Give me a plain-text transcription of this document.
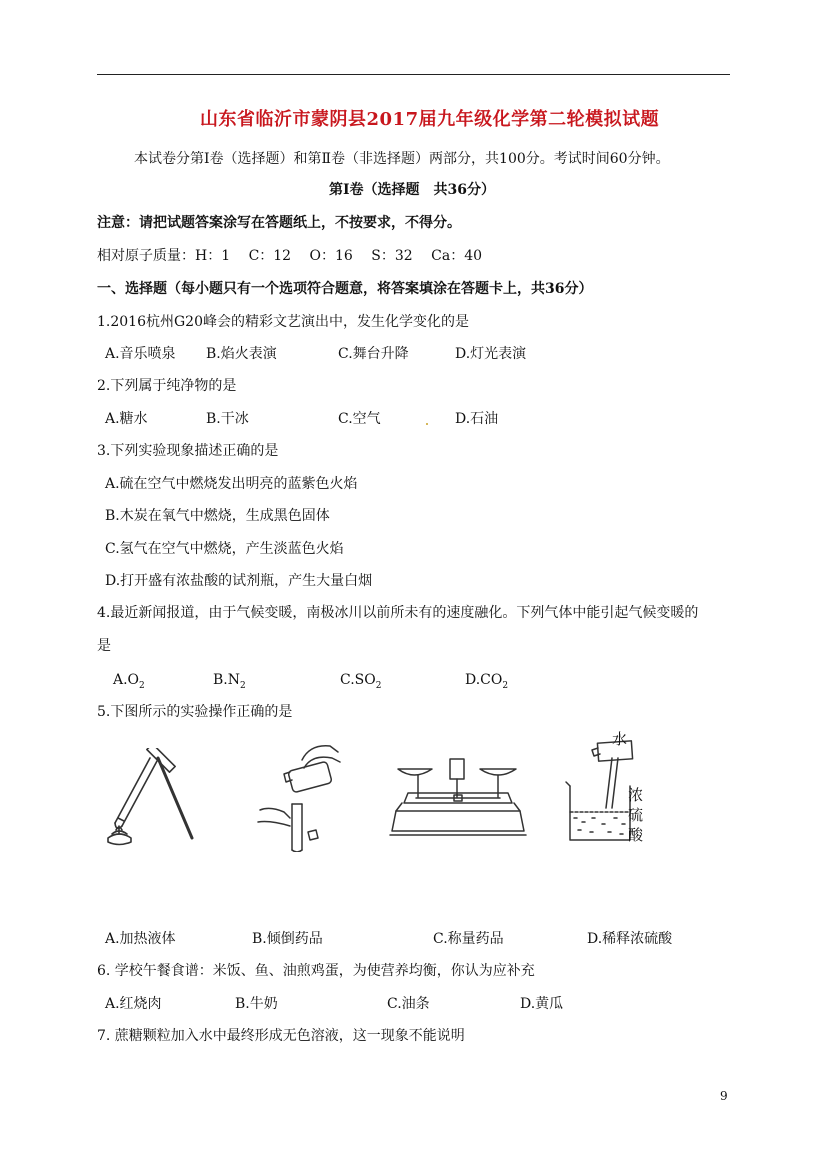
山东省临沂市蒙阴县2017届九年级化学第二轮模拟试题
本试卷分第Ⅰ卷（选择题）和第Ⅱ卷（非选择题）两部分，共100分。考试时间60分钟。
第Ⅰ卷（选择题　共36分）
注意：请把试题答案涂写在答题纸上，不按要求，不得分。
相对原子质量：H：1　 C：12　 O：16　 S：32　 Ca：40
一、选择题（每小题只有一个选项符合题意，将答案填涂在答题卡上，共36分）
1.2016杭州G20峰会的精彩文艺演出中，发生化学变化的是
A.音乐喷泉 B.焰火表演	C.舞台升降	D.灯光表演
2.下列属于纯净物的是
A.糖水	B.干冰	C.空气	D.石油
3.下列实验现象描述正确的是
A.硫在空气中燃烧发出明亮的蓝紫色火焰
B.木炭在氧气中燃烧，生成黑色固体
C.氢气在空气中燃烧，产生淡蓝色火焰
D.打开盛有浓盐酸的试剂瓶，产生大量白烟
4.最近新闻报道，由于气候变暖，南极冰川以前所未有的速度融化。下列气体中能引起气候变暖的
是
$A.O_2$	$B.N_2$	$C.SO_2$	$D.CO_2$
5.下图所示的实验操作正确的是
水
浓
硫
酸
A.加热液体	B.倾倒药品	C.称量药品	D.稀释浓硫酸
6. 学校午餐食谱：米饭、鱼、油煎鸡蛋，为使营养均衡，你认为应补充
A.红烧肉	B.牛奶	C.油条	D.黄瓜
7. 蔗糖颗粒加入水中最终形成无色溶液，这一现象不能说明
9
